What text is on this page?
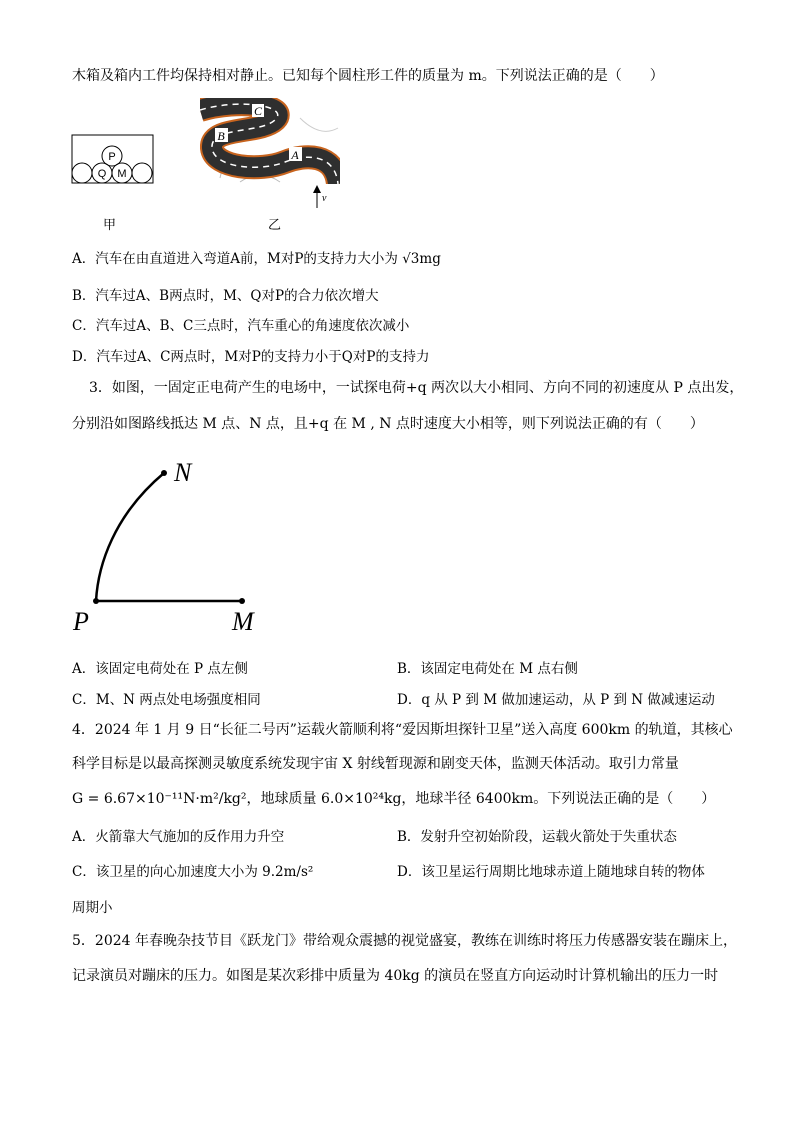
木箱及箱内工件均保持相对静止。已知每个圆柱形工件的质量为 m。下列说法正确的是（　　）
P
Q M
甲
C
B
A
v
乙
A．汽车在由直道进入弯道A前，M对P的支持力大小为 √3mg
B．汽车过A、B两点时，M、Q对P的合力依次增大
C．汽车过A、B、C三点时，汽车重心的角速度依次减小
D．汽车过A、C两点时，M对P的支持力小于Q对P的支持力
3．如图，一固定正电荷产生的电场中，一试探电荷+q 两次以大小相同、方向不同的初速度从 P 点出发，
分别沿如图路线抵达 M 点、N 点，且+q 在 M , N 点时速度大小相等，则下列说法正确的有（　　）
N
P	M
A．该固定电荷处在 P 点左侧	B．该固定电荷处在 M 点右侧
C．M、N 两点处电场强度相同	D．q 从 P 到 M 做加速运动，从 P 到 N 做减速运动
4．2024 年 1 月 9 日“长征二号丙”运载火箭顺利将“爱因斯坦探针卫星”送入高度 600km 的轨道，其核心
科学目标是以最高探测灵敏度系统发现宇宙 X 射线暂现源和剧变天体，监测天体活动。取引力常量
G = 6.67×10⁻¹¹N·m²/kg²，地球质量 6.0×10²⁴kg，地球半径 6400km。下列说法正确的是（　　）
A．火箭靠大气施加的反作用力升空	B．发射升空初始阶段，运载火箭处于失重状态
C．该卫星的向心加速度大小为 9.2m/s²	D．该卫星运行周期比地球赤道上随地球自转的物体
周期小
5．2024 年春晚杂技节目《跃龙门》带给观众震撼的视觉盛宴，教练在训练时将压力传感器安装在蹦床上，
记录演员对蹦床的压力。如图是某次彩排中质量为 40kg 的演员在竖直方向运动时计算机输出的压力一时
